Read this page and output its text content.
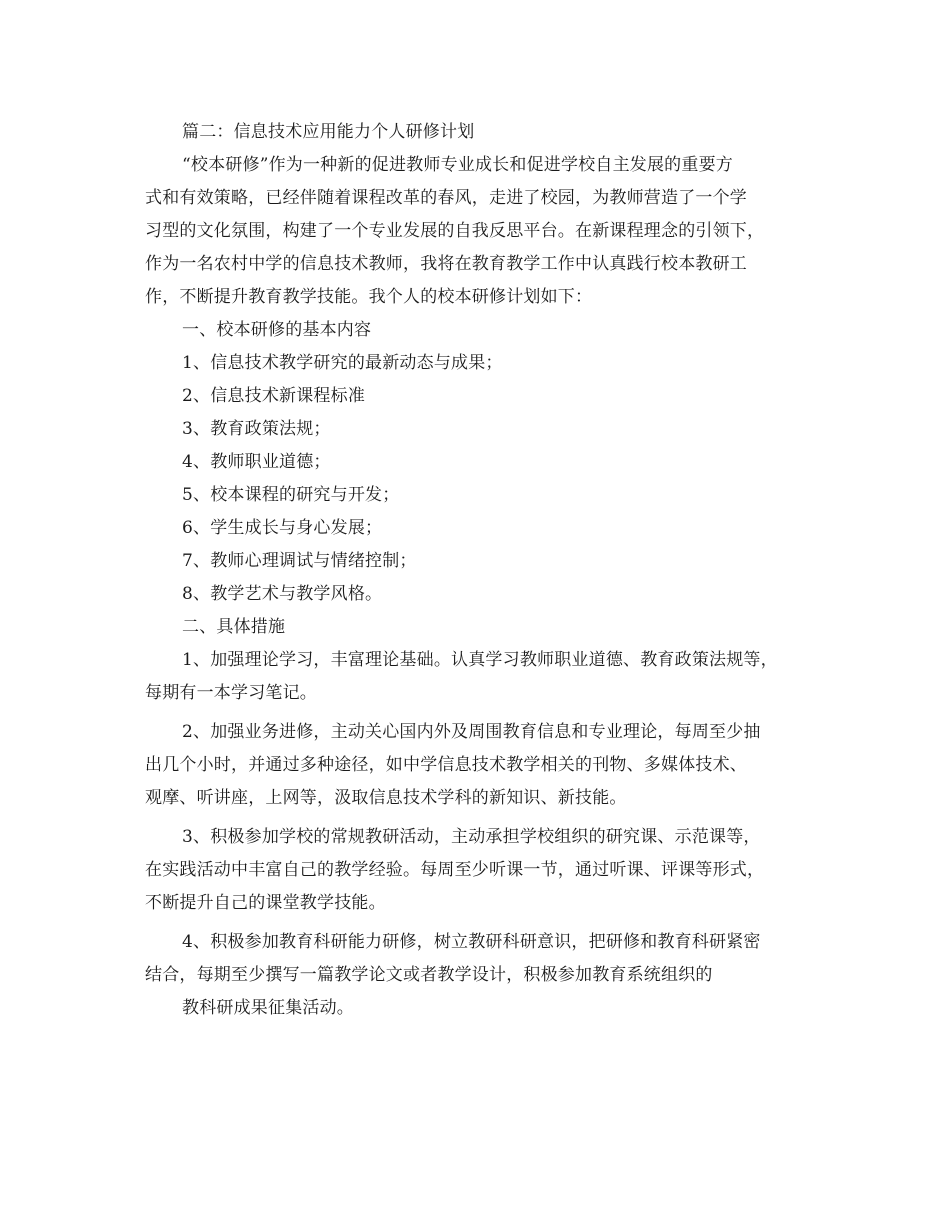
篇二：信息技术应用能力个人研修计划
“校本研修”作为一种新的促进教师专业成长和促进学校自主发展的重要方
式和有效策略，已经伴随着课程改革的春风，走进了校园，为教师营造了一个学
习型的文化氛围，构建了一个专业发展的自我反思平台。在新课程理念的引领下，
作为一名农村中学的信息技术教师，我将在教育教学工作中认真践行校本教研工
作，不断提升教育教学技能。我个人的校本研修计划如下：
一、校本研修的基本内容
1、信息技术教学研究的最新动态与成果；
2、信息技术新课程标准
3、教育政策法规；
4、教师职业道德；
5、校本课程的研究与开发；
6、学生成长与身心发展；
7、教师心理调试与情绪控制；
8、教学艺术与教学风格。
二、具体措施
1、加强理论学习，丰富理论基础。认真学习教师职业道德、教育政策法规等，
每期有一本学习笔记。
2、加强业务进修，主动关心国内外及周围教育信息和专业理论，每周至少抽
出几个小时，并通过多种途径，如中学信息技术教学相关的刊物、多媒体技术、
观摩、听讲座，上网等，汲取信息技术学科的新知识、新技能。
3、积极参加学校的常规教研活动，主动承担学校组织的研究课、示范课等，
在实践活动中丰富自己的教学经验。每周至少听课一节，通过听课、评课等形式，
不断提升自己的课堂教学技能。
4、积极参加教育科研能力研修，树立教研科研意识，把研修和教育科研紧密
结合，每期至少撰写一篇教学论文或者教学设计，积极参加教育系统组织的
教科研成果征集活动。
